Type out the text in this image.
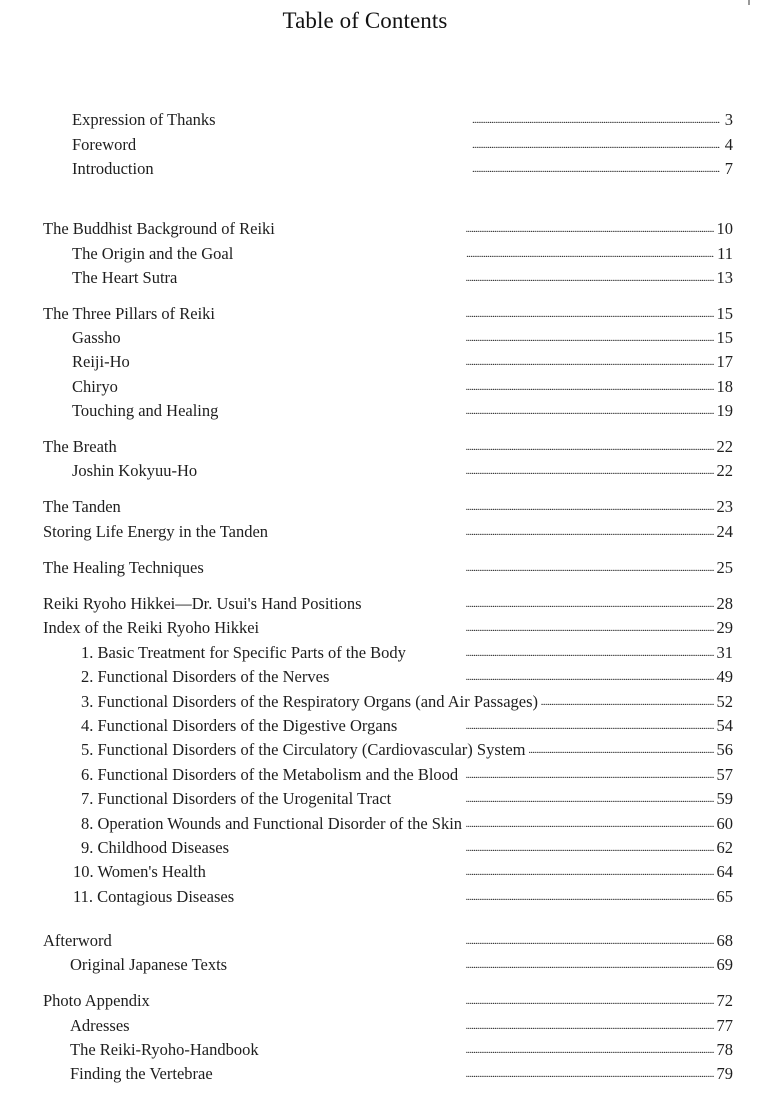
Table of Contents
Expression of Thanks . . .	3
Foreword . . .	4
Introduction . . .	7
The Buddhist Background of Reiki . . .	10
The Origin and the Goal . . .	11
The Heart Sutra . . .	13
The Three Pillars of Reiki . . .	15
Gassho . . .	15
Reiji-Ho . . .	17
Chiryo . . .	18
Touching and Healing . . .	19
The Breath . . .	22
Joshin Kokyuu-Ho . . .	22
The Tanden . . .	23
Storing Life Energy in the Tanden . . .	24
The Healing Techniques . . .	25
Reiki Ryoho Hikkei—Dr. Usui's Hand Positions . . .	28
Index of the Reiki Ryoho Hikkei . . .	29
1. Basic Treatment for Specific Parts of the Body . . .	31
2. Functional Disorders of the Nerves . . .	49
3. Functional Disorders of the Respiratory Organs (and Air Passages) . . .	52
4. Functional Disorders of the Digestive Organs . . .	54
5. Functional Disorders of the Circulatory (Cardiovascular) System . . .	56
6. Functional Disorders of the Metabolism and the Blood . . .	57
7. Functional Disorders of the Urogenital Tract . . .	59
8. Operation Wounds and Functional Disorder of the Skin . . .	60
9. Childhood Diseases . . .	62
10. Women's Health . . .	64
11. Contagious Diseases . . .	65
Afterword . . .	68
Original Japanese Texts . . .	69
Photo Appendix . . .	72
Adresses . . .	77
The Reiki-Ryoho-Handbook . . .	78
Finding the Vertebrae . . .	79
